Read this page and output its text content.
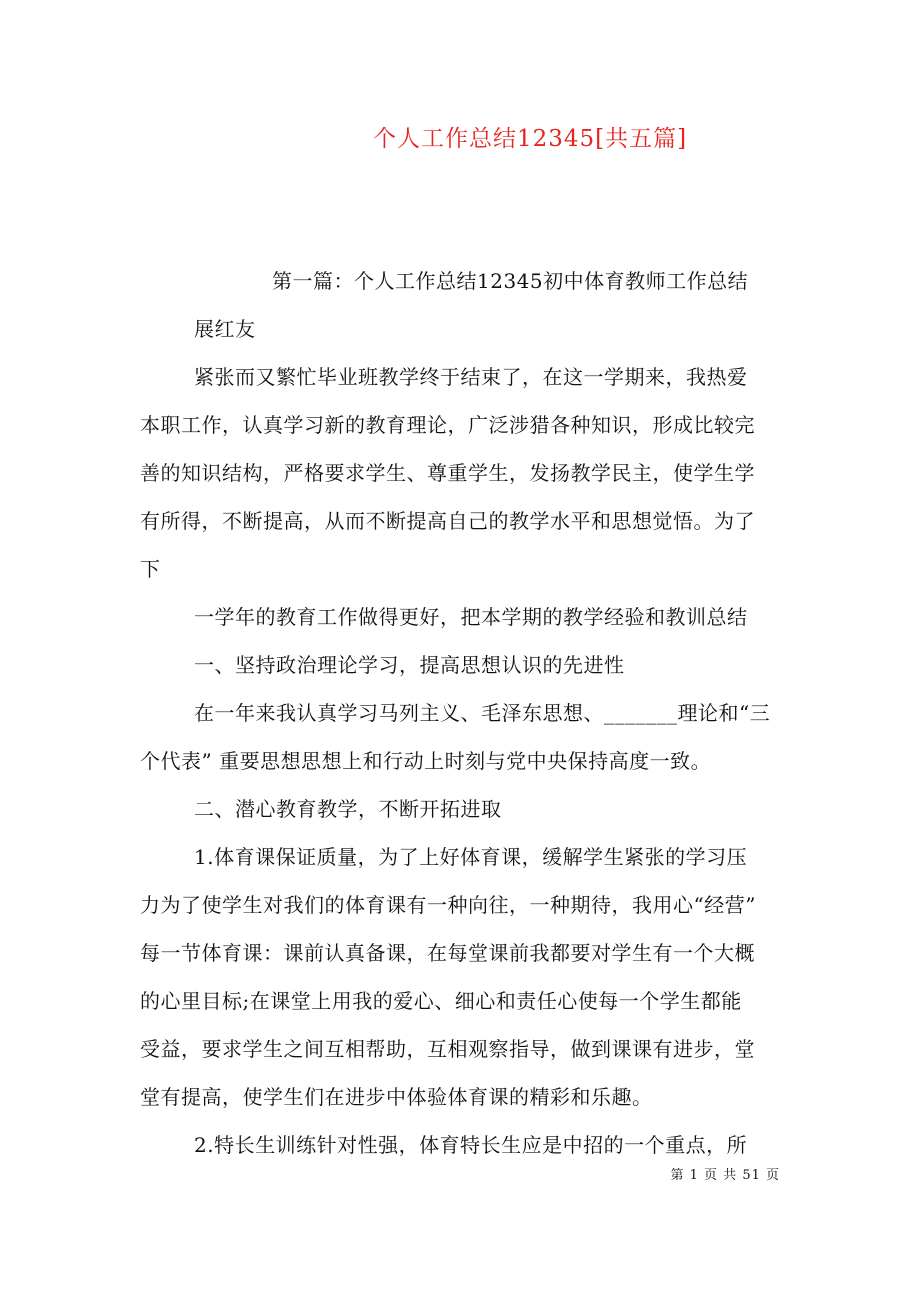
个人工作总结12345[共五篇]
第一篇：个人工作总结12345初中体育教师工作总结
展红友
紧张而又繁忙毕业班教学终于结束了，在这一学期来，我热爱
本职工作，认真学习新的教育理论，广泛涉猎各种知识，形成比较完
善的知识结构，严格要求学生、尊重学生，发扬教学民主，使学生学
有所得，不断提高，从而不断提高自己的教学水平和思想觉悟。为了
下
一学年的教育工作做得更好，把本学期的教学经验和教训总结
一、坚持政治理论学习，提高思想认识的先进性
在一年来我认真学习马列主义、毛泽东思想、_______理论和“三
个代表” 重要思想思想上和行动上时刻与党中央保持高度一致。
二、潜心教育教学，不断开拓进取
1.体育课保证质量，为了上好体育课，缓解学生紧张的学习压
力为了使学生对我们的体育课有一种向往，一种期待，我用心“经营”
每一节体育课：课前认真备课，在每堂课前我都要对学生有一个大概
的心里目标;在课堂上用我的爱心、细心和责任心使每一个学生都能
受益，要求学生之间互相帮助，互相观察指导，做到课课有进步，堂
堂有提高，使学生们在进步中体验体育课的精彩和乐趣。
2.特长生训练针对性强，体育特长生应是中招的一个重点，所
第 1 页 共 51 页
